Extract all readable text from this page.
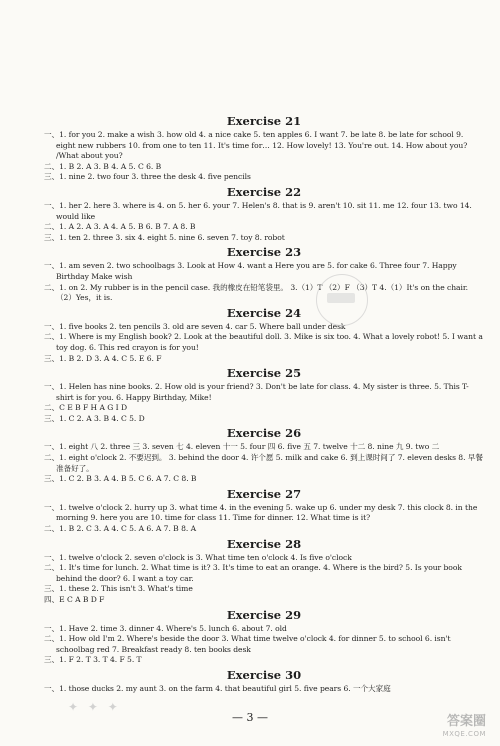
Exercise 21
一、1. for you 2. make a wish 3. how old 4. a nice cake 5. ten apples 6. I want 7. be late 8. be late for school 9. eight new rubbers 10. from one to ten 11. It's time for… 12. How lovely! 13. You're out. 14. How about you? /What about you?
二、1. B 2. A 3. B 4. A 5. C 6. B
三、1. nine 2. two four 3. three the desk 4. five pencils
Exercise 22
一、1. her 2. here 3. where is 4. on 5. her 6. your 7. Helen's 8. that is 9. aren't 10. sit 11. me 12. four 13. two 14. would like
二、1. A 2. A 3. A 4. A 5. B 6. B 7. A 8. B
三、1. ten 2. three 3. six 4. eight 5. nine 6. seven 7. toy 8. robot
Exercise 23
一、1. am seven 2. two schoolbags 3. Look at How 4. want a Here you are 5. for cake 6. Three four 7. Happy Birthday Make wish
二、1. on 2. My rubber is in the pencil case. 我的橡皮在铅笔袋里。 3.（1）T （2）F （3）T 4.（1）It's on the chair. （2）Yes，it is.
Exercise 24
一、1. five books 2. ten pencils 3. old are seven 4. car 5. Where ball under desk
二、1. Where is my English book? 2. Look at the beautiful doll. 3. Mike is six too. 4. What a lovely robot! 5. I want a toy dog. 6. This red crayon is for you!
三、1. B 2. D 3. A 4. C 5. E 6. F
Exercise 25
一、1. Helen has nine books. 2. How old is your friend? 3. Don't be late for class. 4. My sister is three. 5. This T-shirt is for you. 6. Happy Birthday, Mike!
二、C E B F H A G I D
三、1. C 2. A 3. B 4. C 5. D
Exercise 26
一、1. eight 八 2. three 三 3. seven 七 4. eleven 十一 5. four 四 6. five 五 7. twelve 十二 8. nine 九 9. two 二
二、1. eight o'clock 2. 不要迟到。 3. behind the door 4. 许个愿 5. milk and cake 6. 到上课时间了 7. eleven desks 8. 早餐准备好了。
三、1. C 2. B 3. A 4. B 5. C 6. A 7. C 8. B
Exercise 27
一、1. twelve o'clock 2. hurry up 3. what time 4. in the evening 5. wake up 6. under my desk 7. this clock 8. in the morning 9. here you are 10. time for class 11. Time for dinner. 12. What time is it?
二、1. B 2. C 3. A 4. C 5. A 6. A 7. B 8. A
Exercise 28
一、1. twelve o'clock 2. seven o'clock is 3. What time ten o'clock 4. Is five o'clock
二、1. It's time for lunch. 2. What time is it? 3. It's time to eat an orange. 4. Where is the bird? 5. Is your book behind the door? 6. I want a toy car.
三、1. these 2. This isn't 3. What's time
四、E C A B D F
Exercise 29
一、1. Have 2. time 3. dinner 4. Where's 5. lunch 6. about 7. old
二、1. How old I'm 2. Where's beside the door 3. What time twelve o'clock 4. for dinner 5. to school 6. isn't schoolbag red 7. Breakfast ready 8. ten books desk
三、1. F 2. T 3. T 4. F 5. T
Exercise 30
一、1. those ducks 2. my aunt 3. on the farm 4. that beautiful girl 5. five pears 6. 一个大家庭
✦ ✦ ✦
— 3 —	答案圈
MXQE.COM
